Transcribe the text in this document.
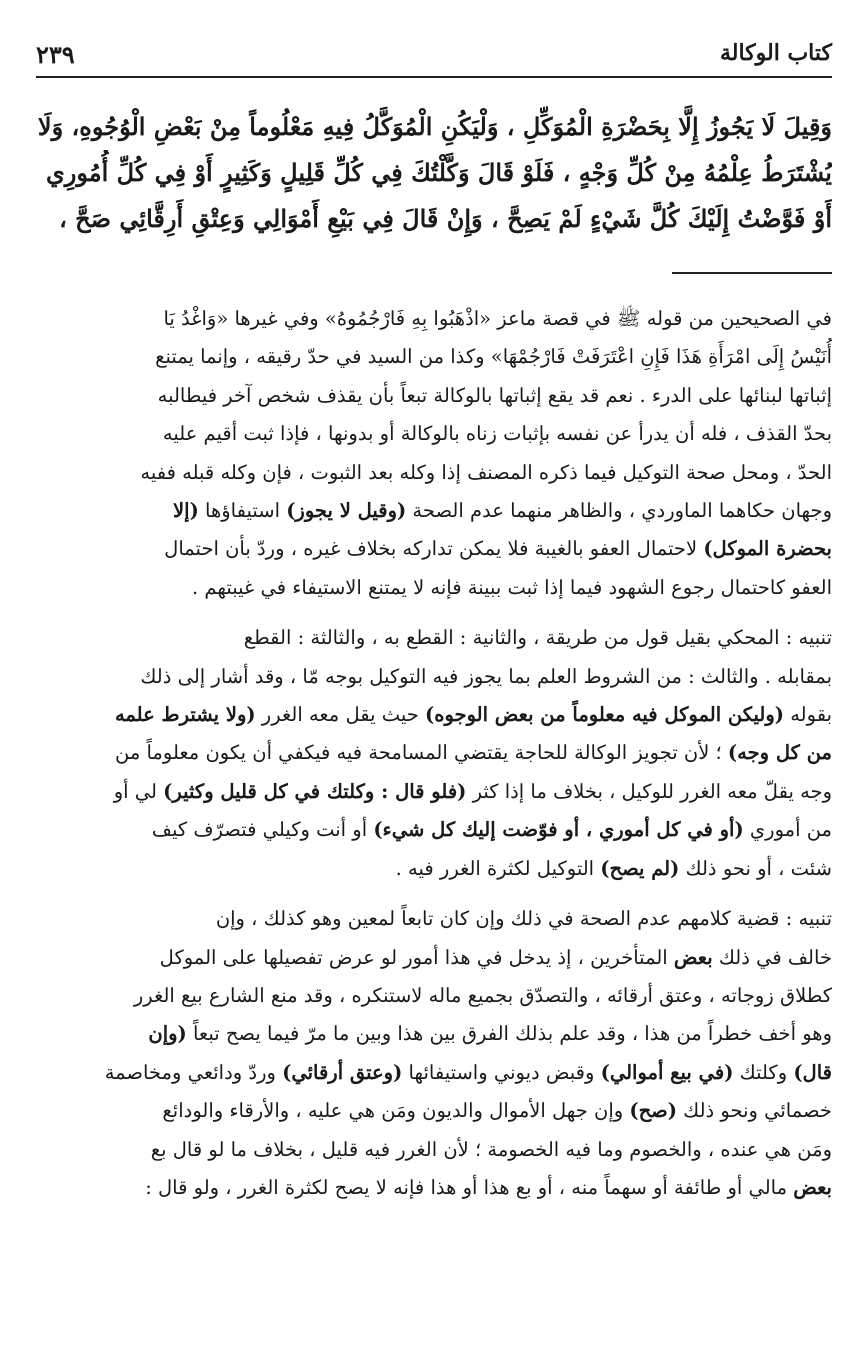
كتاب الوكالة
٢٣٩
وَقِيلَ لَا يَجُوزُ إِلَّا بِحَضْرَةِ الْمُوَكِّلِ ، وَلْيَكُنِ الْمُوَكَّلُ فِيهِ مَعْلُوماً مِنْ بَعْضِ الْوُجُوهِ، وَلَا
يُشْتَرَطُ عِلْمُهُ مِنْ كُلِّ وَجْهٍ ، فَلَوْ قَالَ وَكَّلْتُكَ فِي كُلِّ قَلِيلٍ وَكَثِيرٍ أَوْ فِي كُلِّ أُمُورِي
أَوْ فَوَّضْتُ إِلَيْكَ كُلَّ شَيْءٍ لَمْ يَصِحَّ ، وَإِنْ قَالَ فِي بَيْعِ أَمْوَالِي وَعِتْقِ أَرِقَّائِي صَحَّ ،

في الصحيحين من قوله ﷺ في قصة ماعز «اذْهَبُوا بِهِ فَارْجُمُوهُ» وفي غيرها «وَاغْدُ يَا
أُنَيْسُ إِلَى امْرَأَةِ هَذَا فَإِنِ اعْتَرَفَتْ فَارْجُمْهَا» وكذا من السيد في حدّ رقيقه ، وإنما يمتنع
إثباتها لبنائها على الدرء . نعم قد يقع إثباتها بالوكالة تبعاً بأن يقذف شخص آخر فيطالبه
بحدّ القذف ، فله أن يدرأ عن نفسه بإثبات زناه بالوكالة أو بدونها ، فإذا ثبت أقيم عليه
الحدّ ، ومحل صحة التوكيل فيما ذكره المصنف إذا وكله بعد الثبوت ، فإن وكله قبله ففيه
وجهان حكاهما الماوردي ، والظاهر منهما عدم الصحة (وقيل لا يجوز) استيفاؤها (إلا
بحضرة الموكل) لاحتمال العفو بالغيبة فلا يمكن تداركه بخلاف غيره ، وردّ بأن احتمال
العفو كاحتمال رجوع الشهود فيما إذا ثبت ببينة فإنه لا يمتنع الاستيفاء في غيبتهم .

تنبيه : المحكي بقيل قول من طريقة ، والثانية : القطع به ، والثالثة : القطع
بمقابله . والثالث : من الشروط العلم بما يجوز فيه التوكيل بوجه مّا ، وقد أشار إلى ذلك
بقوله (وليكن الموكل فيه معلوماً من بعض الوجوه) حيث يقل معه الغرر (ولا يشترط علمه
من كل وجه) ؛ لأن تجويز الوكالة للحاجة يقتضي المسامحة فيه فيكفي أن يكون معلوماً من
وجه يقلّ معه الغرر للوكيل ، بخلاف ما إذا كثر (فلو قال : وكلتك في كل قليل وكثير) لي أو
من أموري (أو في كل أموري ، أو فوّضت إليك كل شيء) أو أنت وكيلي فتصرّف كيف
شئت ، أو نحو ذلك (لم يصح) التوكيل لكثرة الغرر فيه .

تنبيه : قضية كلامهم عدم الصحة في ذلك وإن كان تابعاً لمعين وهو كذلك ، وإن
خالف في ذلك بعض المتأخرين ، إذ يدخل في هذا أمور لو عرض تفصيلها على الموكل
كطلاق زوجاته ، وعتق أرقائه ، والتصدّق بجميع ماله لاستنكره ، وقد منع الشارع بيع الغرر
وهو أخف خطراً من هذا ، وقد علم بذلك الفرق بين هذا وبين ما مرّ فيما يصح تبعاً (وإن
قال) وكلتك (في بيع أموالي) وقبض ديوني واستيفائها (وعتق أرقائي) وردّ ودائعي ومخاصمة
خصمائي ونحو ذلك (صح) وإن جهل الأموال والديون ومَن هي عليه ، والأرقاء والودائع
ومَن هي عنده ، والخصوم وما فيه الخصومة ؛ لأن الغرر فيه قليل ، بخلاف ما لو قال بع
بعض مالي أو طائفة أو سهماً منه ، أو بع هذا أو هذا فإنه لا يصح لكثرة الغرر ، ولو قال :
